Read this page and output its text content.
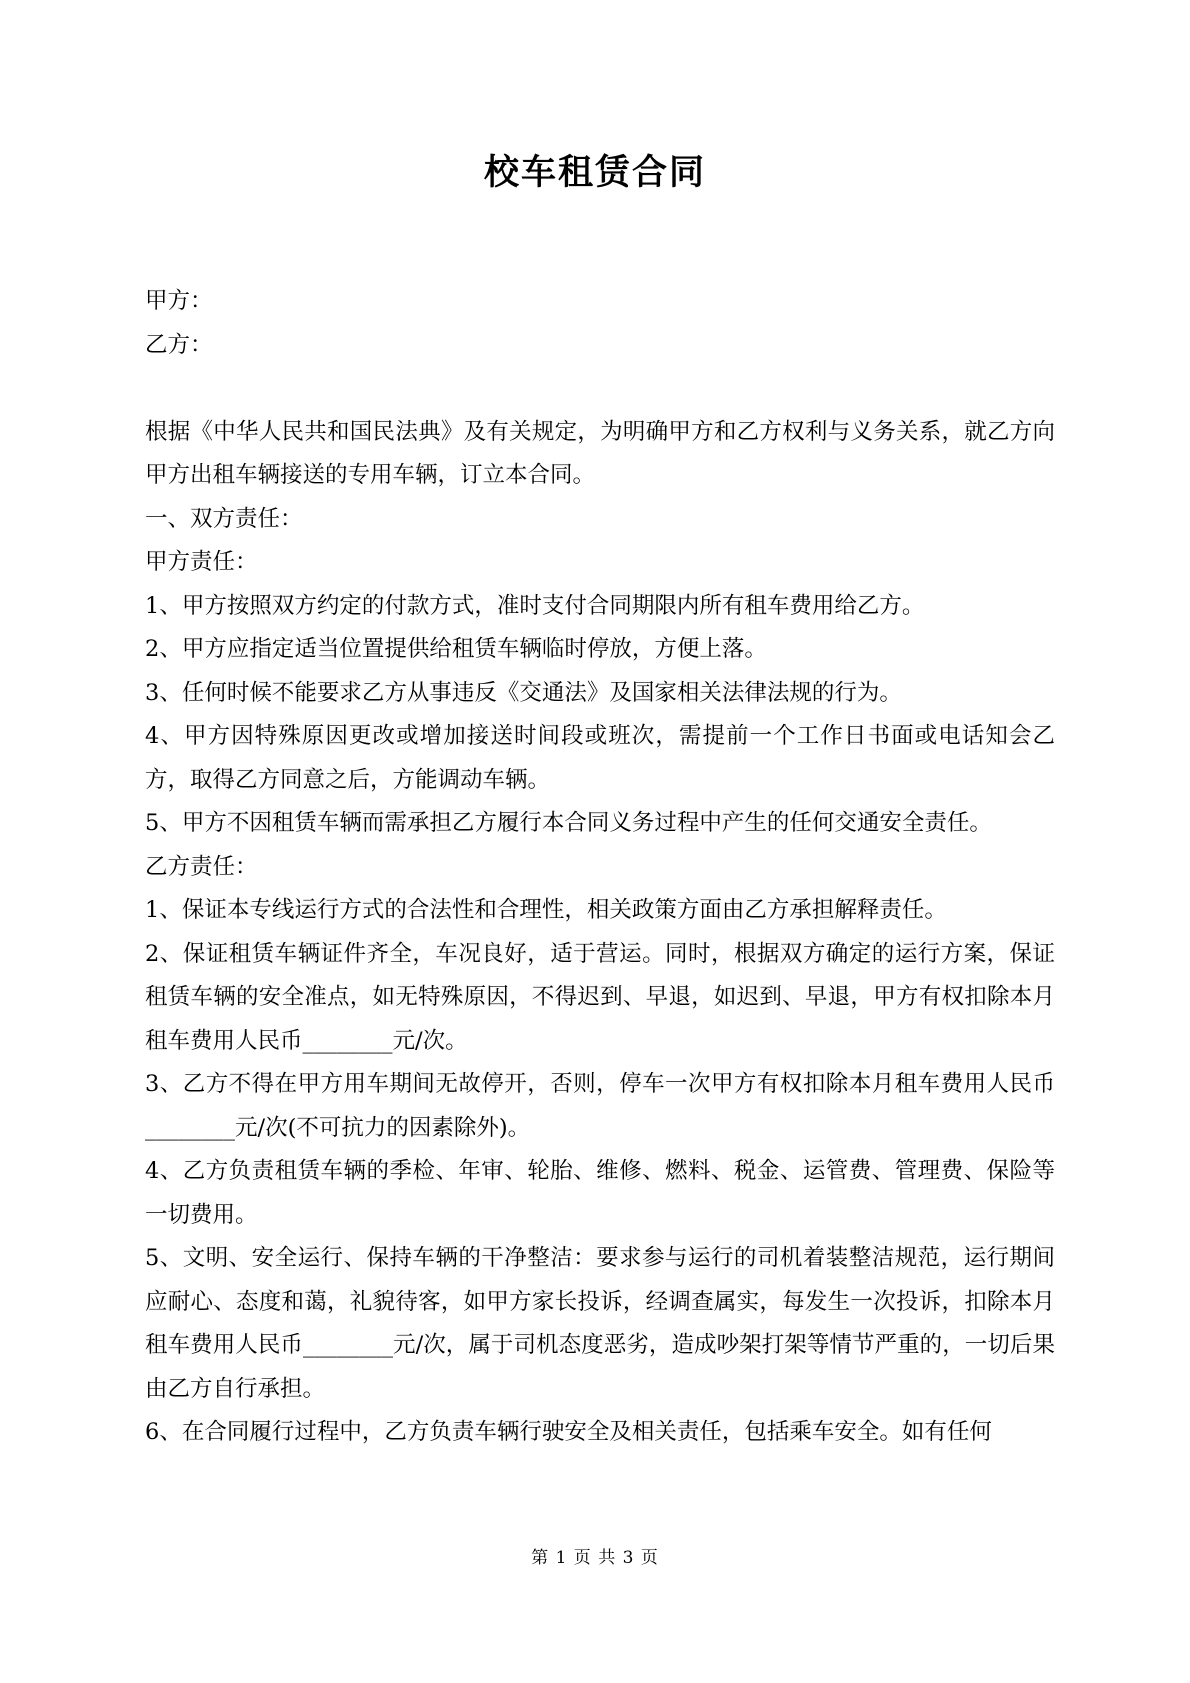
校车租赁合同

甲方：

乙方：

根据《中华人民共和国民法典》及有关规定，为明确甲方和乙方权利与义务关系，就乙方向甲方出租车辆接送的专用车辆，订立本合同。

一、双方责任：

甲方责任：

1、甲方按照双方约定的付款方式，准时支付合同期限内所有租车费用给乙方。

2、甲方应指定适当位置提供给租赁车辆临时停放，方便上落。

3、任何时候不能要求乙方从事违反《交通法》及国家相关法律法规的行为。

4、甲方因特殊原因更改或增加接送时间段或班次，需提前一个工作日书面或电话知会乙方，取得乙方同意之后，方能调动车辆。

5、甲方不因租赁车辆而需承担乙方履行本合同义务过程中产生的任何交通安全责任。

乙方责任：

1、保证本专线运行方式的合法性和合理性，相关政策方面由乙方承担解释责任。

2、保证租赁车辆证件齐全，车况良好，适于营运。同时，根据双方确定的运行方案，保证租赁车辆的安全准点，如无特殊原因，不得迟到、早退，如迟到、早退，甲方有权扣除本月租车费用人民币________元/次。

3、乙方不得在甲方用车期间无故停开，否则，停车一次甲方有权扣除本月租车费用人民币________元/次(不可抗力的因素除外)。

4、乙方负责租赁车辆的季检、年审、轮胎、维修、燃料、税金、运管费、管理费、保险等一切费用。

5、文明、安全运行、保持车辆的干净整洁：要求参与运行的司机着装整洁规范，运行期间应耐心、态度和蔼，礼貌待客，如甲方家长投诉，经调查属实，每发生一次投诉，扣除本月租车费用人民币________元/次，属于司机态度恶劣，造成吵架打架等情节严重的，一切后果由乙方自行承担。

6、在合同履行过程中，乙方负责车辆行驶安全及相关责任，包括乘车安全。如有任何

第 1 页 共 3 页
